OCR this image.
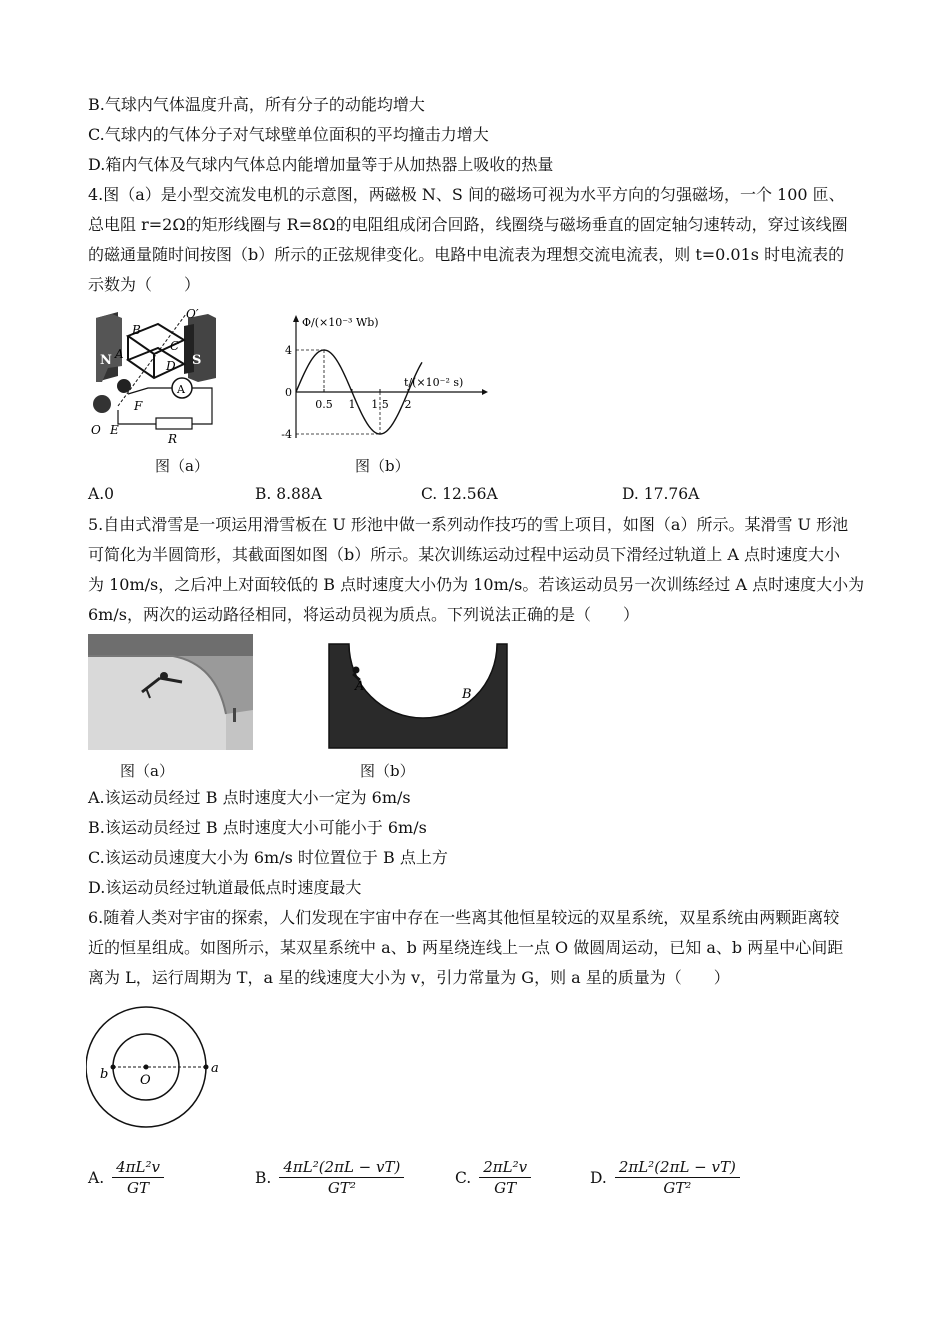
B.气球内气体温度升高，所有分子的动能均增大
C.气球内的气体分子对气球壁单位面积的平均撞击力增大
D.箱内气体及气球内气体总内能增加量等于从加热器上吸收的热量
4.图（a）是小型交流发电机的示意图，两磁极 N、S 间的磁场可视为水平方向的匀强磁场，一个 100 匝、
总电阻 r=2Ω的矩形线圈与 R=8Ω的电阻组成闭合回路，线圈绕与磁场垂直的固定轴匀速转动，穿过该线圈
的磁通量随时间按图（b）所示的正弦规律变化。电路中电流表为理想交流电流表，则 t=0.01s 时电流表的
示数为（　　）
N	S
A
B
C
D
O′
O E
F
R
A
图（a）
Φ/(×10⁻³ Wb)
t/(×10⁻² s)
4
0
-4
0.5 1 1.5 2
图（b）
A.0	B. 8.88A	C. 12.56A	D. 17.76A
5.自由式滑雪是一项运用滑雪板在 U 形池中做一系列动作技巧的雪上项目，如图（a）所示。某滑雪 U 形池
可简化为半圆筒形，其截面图如图（b）所示。某次训练运动过程中运动员下滑经过轨道上 A 点时速度大小
为 10m/s，之后冲上对面较低的 B 点时速度大小仍为 10m/s。若该运动员另一次训练经过 A 点时速度大小为
6m/s，两次的运动路径相同，将运动员视为质点。下列说法正确的是（　　）
图（a）
A
B
图（b）
A.该运动员经过 B 点时速度大小一定为 6m/s
B.该运动员经过 B 点时速度大小可能小于 6m/s
C.该运动员速度大小为 6m/s 时位置位于 B 点上方
D.该运动员经过轨道最低点时速度最大
6.随着人类对宇宙的探索，人们发现在宇宙中存在一些离其他恒星较远的双星系统，双星系统由两颗距离较
近的恒星组成。如图所示，某双星系统中 a、b 两星绕连线上一点 O 做圆周运动，已知 a、b 两星中心间距
离为 L，运行周期为 T，a 星的线速度大小为 v，引力常量为 G，则 a 星的质量为（　　）
b O
a
A. $\frac{\text{4πL²v}}{GT}$	B. $\frac{\text{4πL²(2πL − vT)}}{\text{GT²}}$	C. $\frac{\text{2πL²v}}{GT}$	D. $\frac{\text{2πL²(2πL − vT)}}{\text{GT²}}$
